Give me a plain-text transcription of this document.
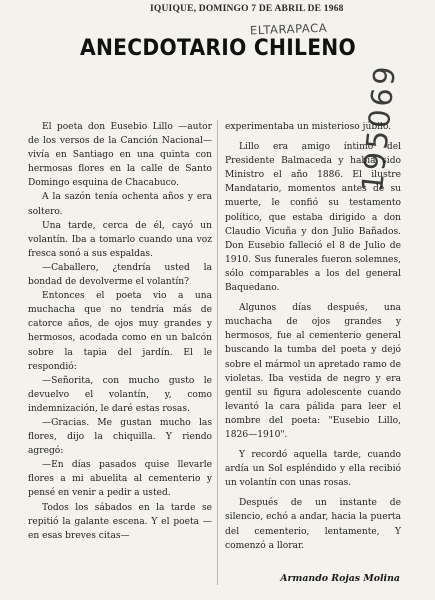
IQUIQUE, DOMINGO 7 DE ABRIL DE 1968
ELTARAPACA
195069
ANECDOTARIO CHILENO

El poeta don Eusebio Lillo —autor de los versos de la Canción Nacional— vivía en Santiago en una quinta con hermosas flores en la calle de Santo Domingo esquina de Chacabuco.

A la sazón tenía ochenta años y era soltero.

Una tarde, cerca de él, cayó un volantín. Iba a tomarlo cuando una voz fresca sonó a sus espaldas.

—Caballero, ¿tendría usted la bondad de devolverme el volantín?

Entonces el poeta vio a una muchacha que no tendría más de catorce años, de ojos muy grandes y hermosos, acodada como en un balcón sobre la tapia del jardín. El le respondió:

—Señorita, con mucho gusto le devuelvo el volantín, y, como indemnización, le daré estas rosas.

—Gracias. Me gustan mucho las flores, dijo la chiquilla. Y riendo agregó:

—En días pasados quise llevarle flores a mi abuelita al cementerio y pensé en venir a pedir a usted.

Todos los sábados en la tarde se repitió la galante escena. Y el poeta —en esas breves citas—

experimentaba un misterioso júbilo.

Lillo era amigo íntimo del Presidente Balmaceda y había sido Ministro el año 1886. El ilustre Mandatario, momentos antes de su muerte, le confió su testamento político, que estaba dirigido a don Claudio Vicuña y don Julio Bañados. Don Eusebio falleció el 8 de Julio de 1910. Sus funerales fueron solemnes, sólo comparables a los del general Baquedano.

Algunos días después, una muchacha de ojos grandes y hermosos, fue al cementerio general buscando la tumba del poeta y dejó sobre el mármol un apretado ramo de violetas. Iba vestida de negro y era gentil su figura adolescente cuando levantó la cara pálida para leer el nombre del poeta: "Eusebio Lillo, 1826—1910".

Y recordó aquella tarde, cuando ardía un Sol espléndido y ella recibió un volantín con unas rosas.

Después de un instante de silencio, echó a andar, hacia la puerta del cementerio, lentamente, Y comenzó a llorar.

Armando Rojas Molina
